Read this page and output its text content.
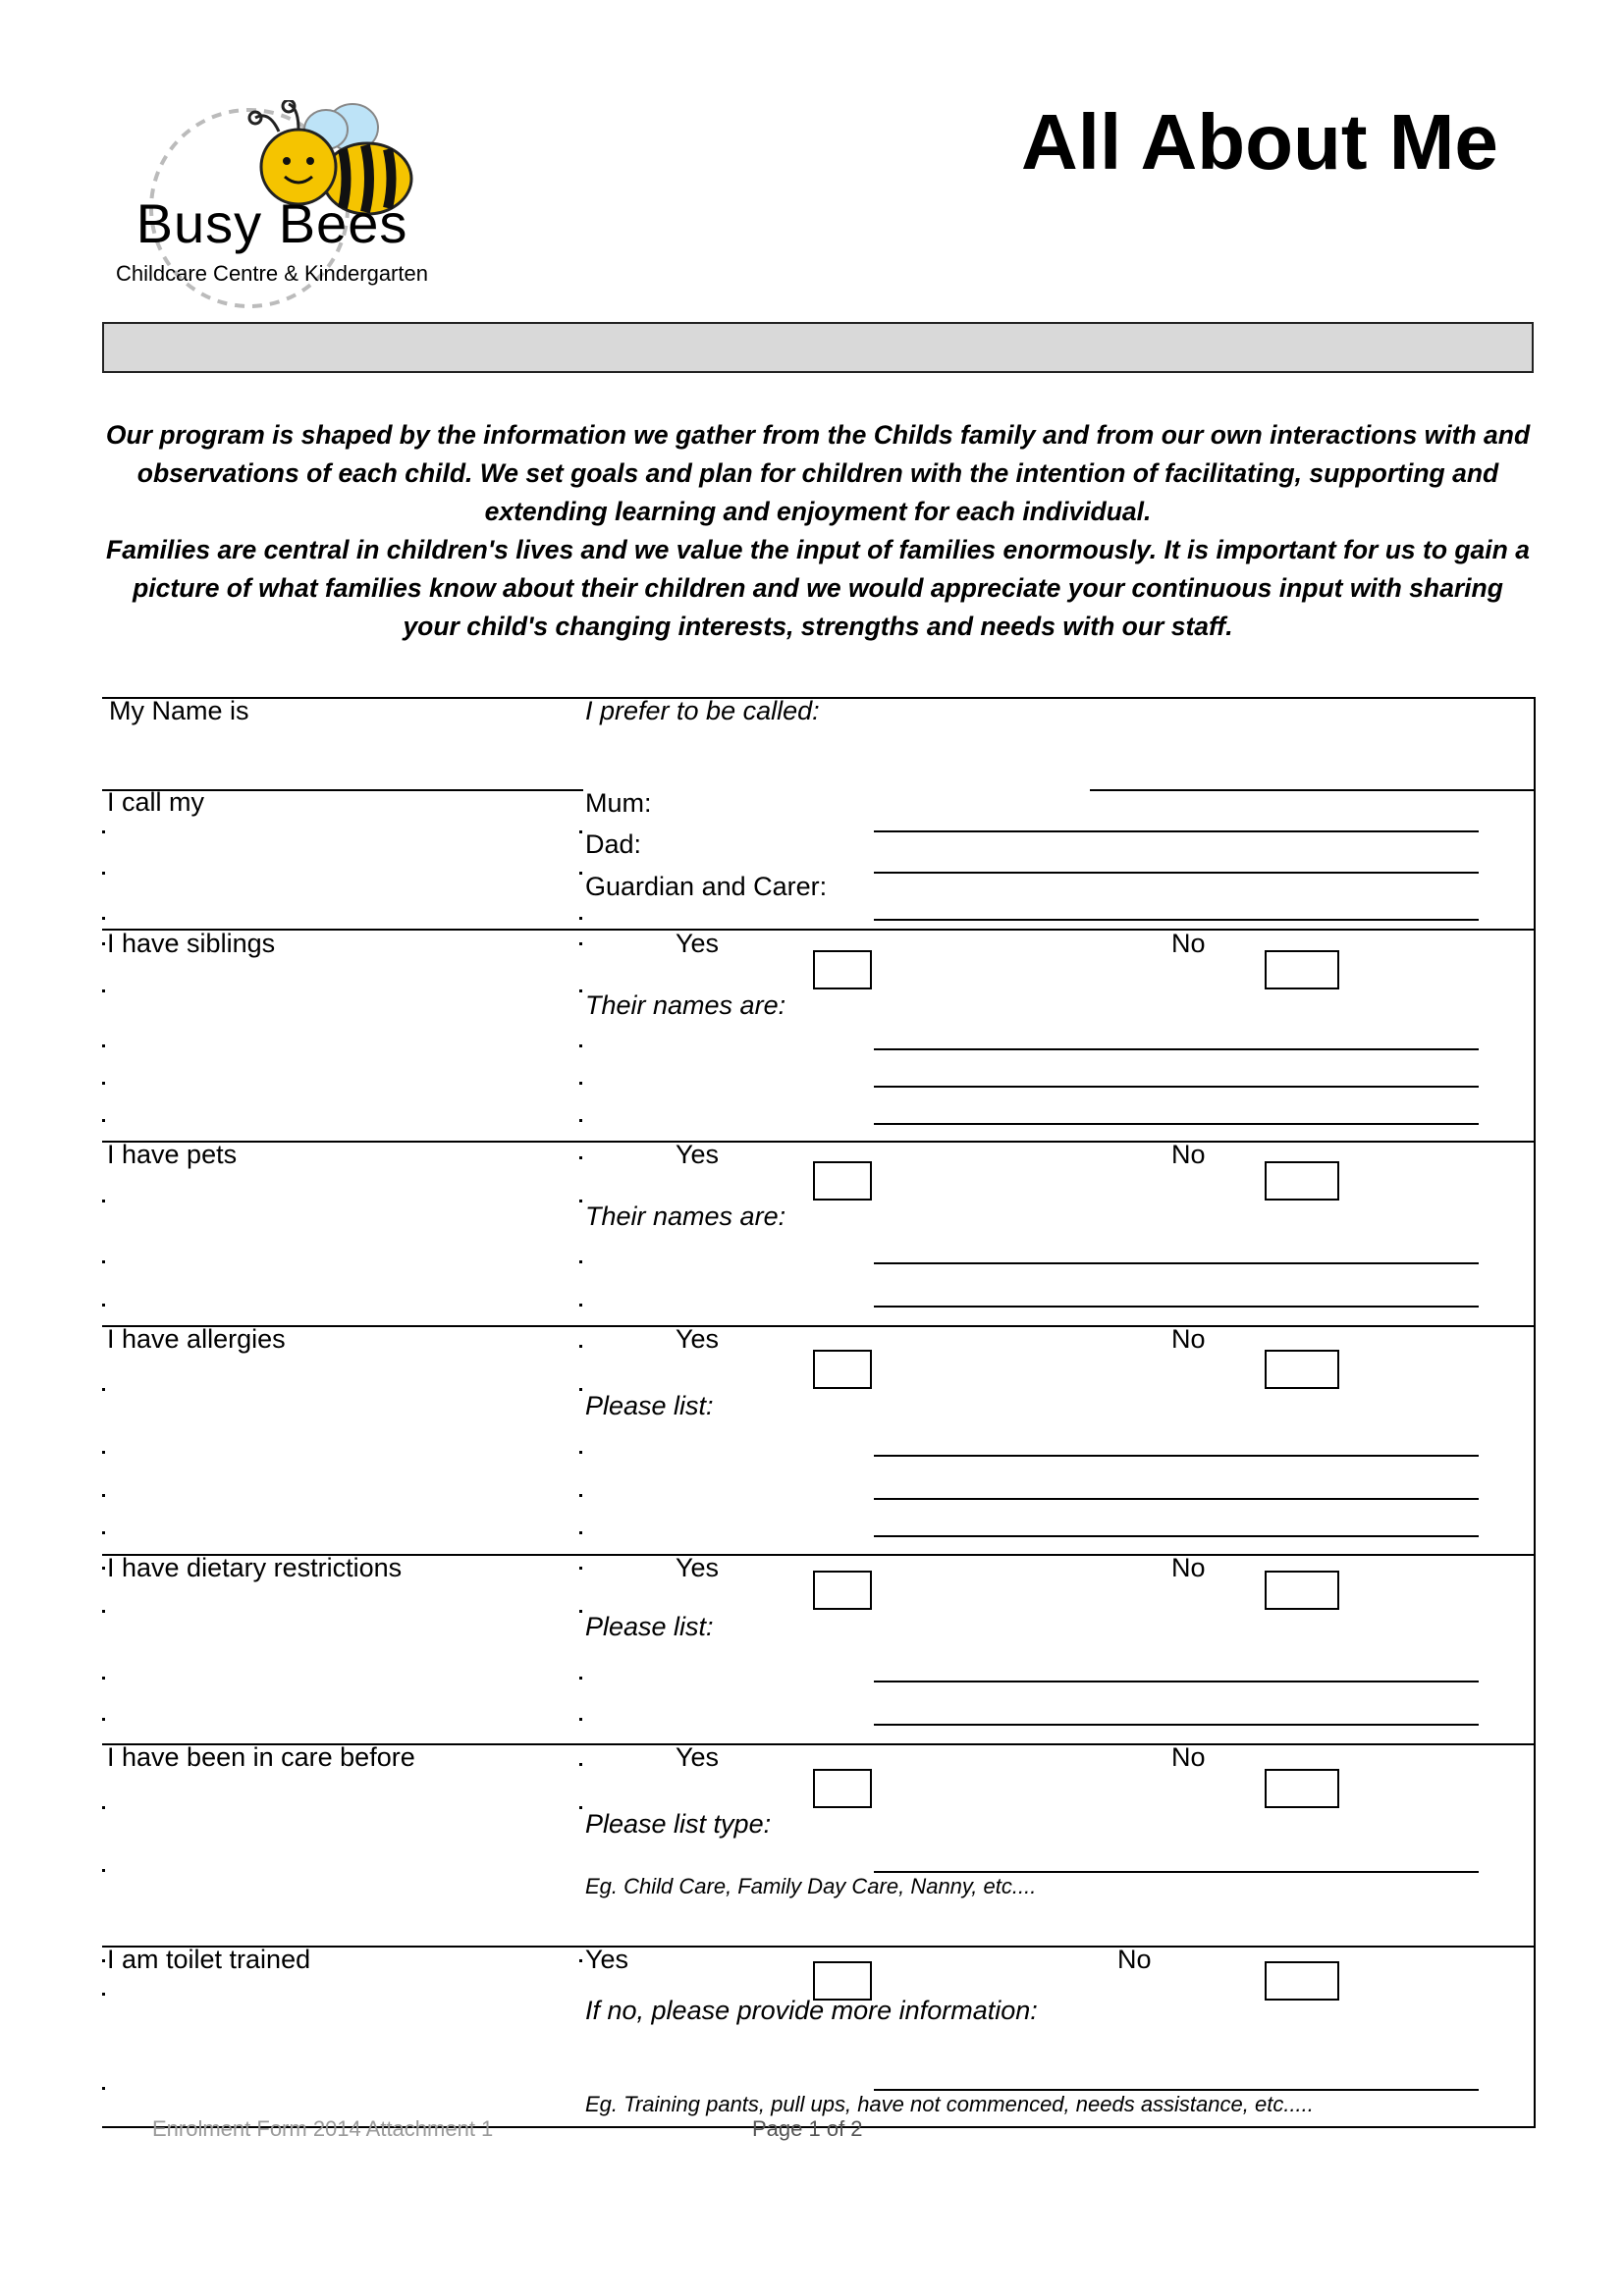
Busy Bees
Childcare Centre & Kindergarten
All About Me

Our program is shaped by the information we gather from the Childs family and from our own interactions with and observations of each child. We set goals and plan for children with the intention of facilitating, supporting and extending learning and enjoyment for each individual.

Families are central in children's lives and we value the input of families enormously. It is important for us to gain a picture of what families know about their children and we would appreciate your continuous input with sharing your child's changing interests, strengths and needs with our staff.

My Name is	I prefer to be called:
I call my	Mum:
Dad:
Guardian and Carer:
I have siblings	Yes	No
Their names are:
I have pets	Yes	No
Their names are:
I have allergies	Yes	No
Please list:
I have dietary restrictions	Yes	No
Please list:
I have been in care before	Yes	No
Please list type:
Eg. Child Care, Family Day Care, Nanny, etc....
I am toilet trained	Yes	No
If no, please provide more information:
Eg. Training pants, pull ups, have not commenced, needs assistance, etc.....
Enrolment Form 2014 Attachment 1	Page 1 of 2
